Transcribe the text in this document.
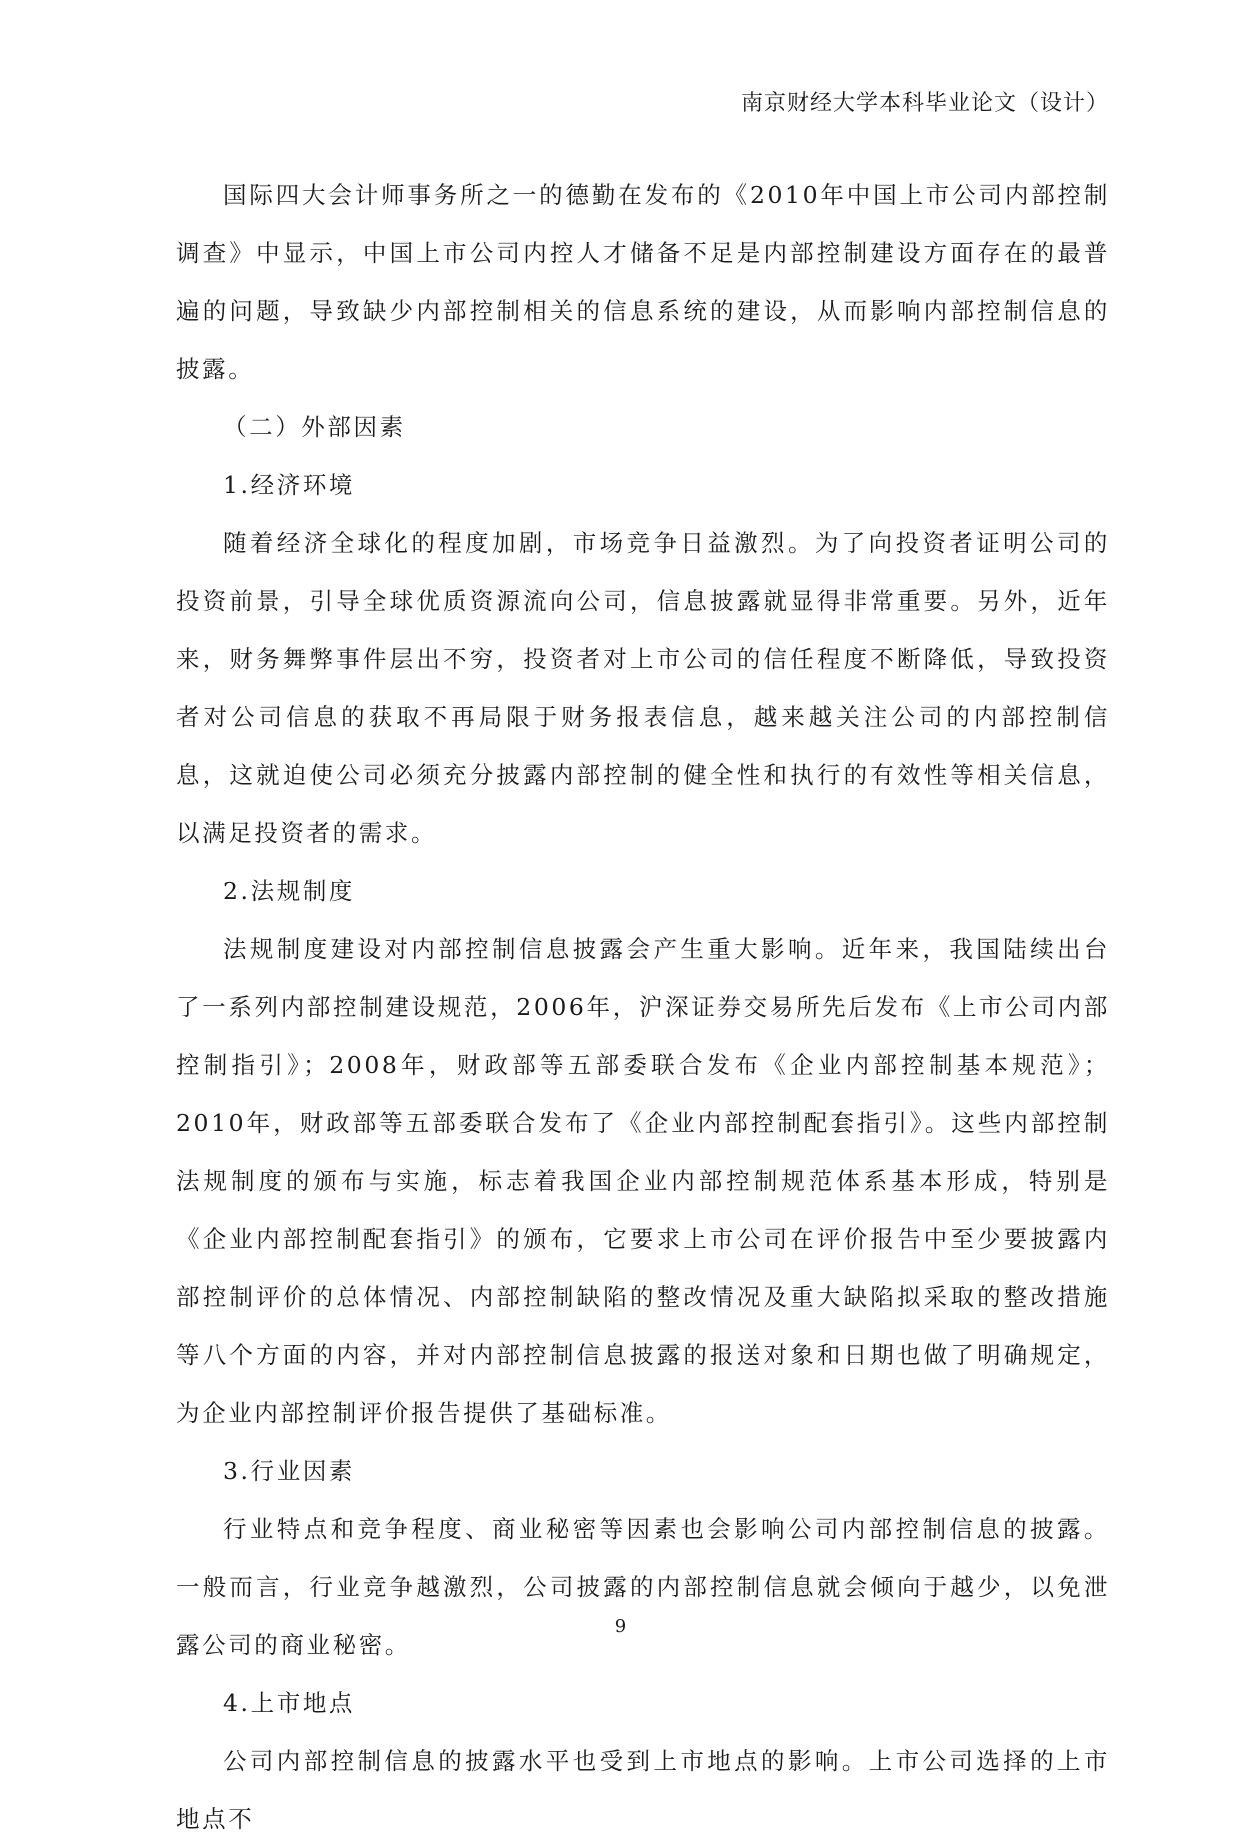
南京财经大学本科毕业论文（设计）

国际四大会计师事务所之一的德勤在发布的《2010年中国上市公司内部控制调查》中显示，中国上市公司内控人才储备不足是内部控制建设方面存在的最普遍的问题，导致缺少内部控制相关的信息系统的建设，从而影响内部控制信息的披露。

（二）外部因素

1.经济环境

随着经济全球化的程度加剧，市场竞争日益激烈。为了向投资者证明公司的投资前景，引导全球优质资源流向公司，信息披露就显得非常重要。另外，近年来，财务舞弊事件层出不穷，投资者对上市公司的信任程度不断降低，导致投资者对公司信息的获取不再局限于财务报表信息，越来越关注公司的内部控制信息，这就迫使公司必须充分披露内部控制的健全性和执行的有效性等相关信息，以满足投资者的需求。

2.法规制度

法规制度建设对内部控制信息披露会产生重大影响。近年来，我国陆续出台了一系列内部控制建设规范，2006年，沪深证券交易所先后发布《上市公司内部控制指引》；2008年，财政部等五部委联合发布《企业内部控制基本规范》；2010年，财政部等五部委联合发布了《企业内部控制配套指引》。这些内部控制法规制度的颁布与实施，标志着我国企业内部控制规范体系基本形成，特别是《企业内部控制配套指引》的颁布，它要求上市公司在评价报告中至少要披露内部控制评价的总体情况、内部控制缺陷的整改情况及重大缺陷拟采取的整改措施等八个方面的内容，并对内部控制信息披露的报送对象和日期也做了明确规定，为企业内部控制评价报告提供了基础标准。

3.行业因素

行业特点和竞争程度、商业秘密等因素也会影响公司内部控制信息的披露。一般而言，行业竞争越激烈，公司披露的内部控制信息就会倾向于越少，以免泄露公司的商业秘密。

4.上市地点

公司内部控制信息的披露水平也受到上市地点的影响。上市公司选择的上市地点不

9
